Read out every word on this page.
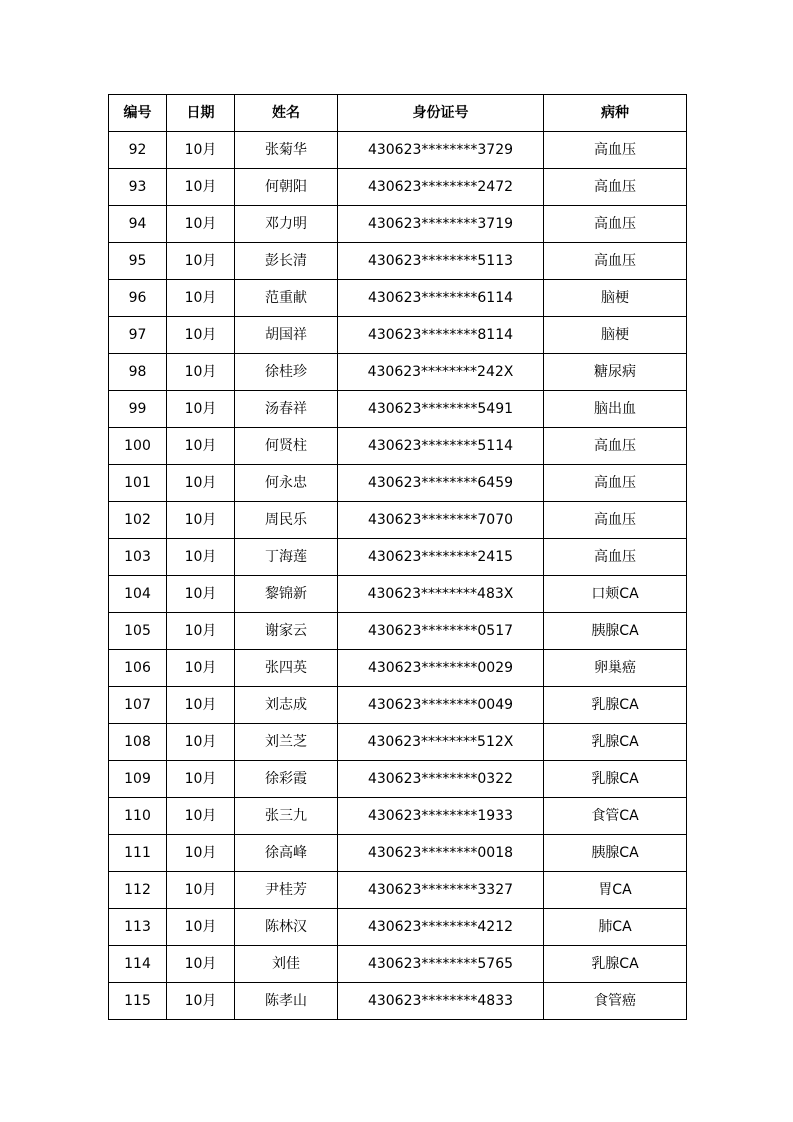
编号	日期	姓名	身份证号	病种
92	10月	张菊华	430623********3729	高血压
93	10月	何朝阳	430623********2472	高血压
94	10月	邓力明	430623********3719	高血压
95	10月	彭长清	430623********5113	高血压
96	10月	范重献	430623********6114	脑梗
97	10月	胡国祥	430623********8114	脑梗
98	10月	徐桂珍	430623********242X	糖尿病
99	10月	汤春祥	430623********5491	脑出血
100	10月	何贤柱	430623********5114	高血压
101	10月	何永忠	430623********6459	高血压
102	10月	周民乐	430623********7070	高血压
103	10月	丁海莲	430623********2415	高血压
104	10月	黎锦新	430623********483X	口颊CA
105	10月	谢家云	430623********0517	胰腺CA
106	10月	张四英	430623********0029	卵巢癌
107	10月	刘志成	430623********0049	乳腺CA
108	10月	刘兰芝	430623********512X	乳腺CA
109	10月	徐彩霞	430623********0322	乳腺CA
110	10月	张三九	430623********1933	食管CA
111	10月	徐高峰	430623********0018	胰腺CA
112	10月	尹桂芳	430623********3327	胃CA
113	10月	陈林汉	430623********4212	肺CA
114	10月	刘佳	430623********5765	乳腺CA
115	10月	陈孝山	430623********4833	食管癌
